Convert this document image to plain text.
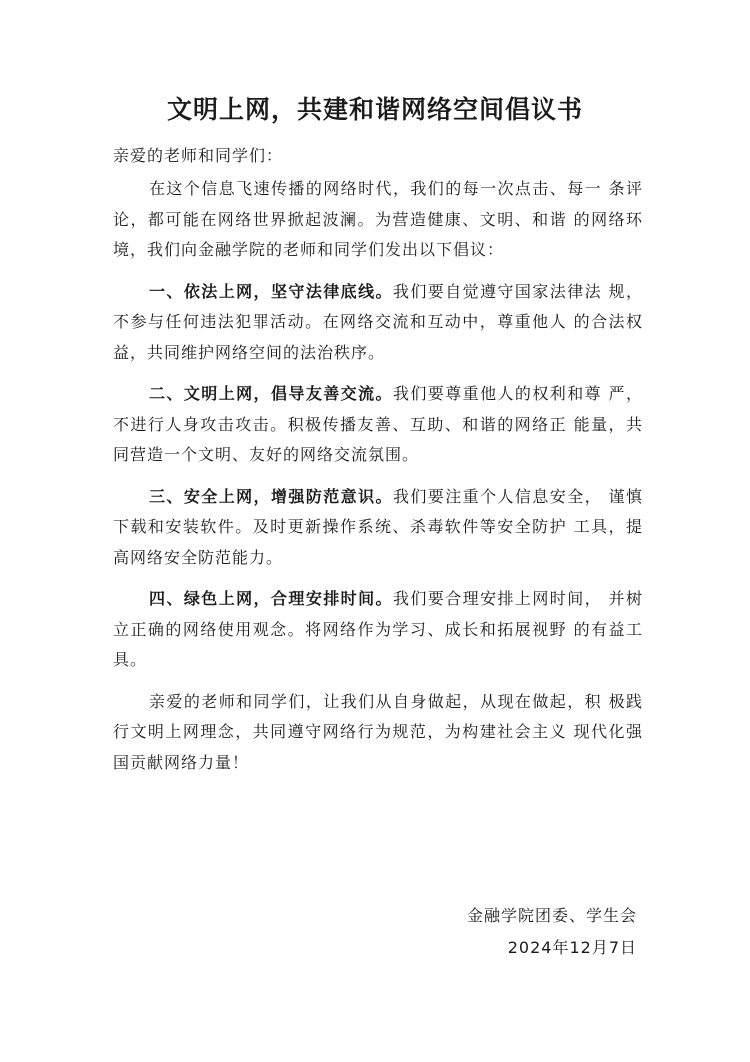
文明上网，共建和谐网络空间倡议书

亲爱的老师和同学们：

在这个信息飞速传播的网络时代，我们的每一次点击、每一 条评论，都可能在网络世界掀起波澜。为营造健康、文明、和谐 的网络环境，我们向金融学院的老师和同学们发出以下倡议：

一、依法上网，坚守法律底线。我们要自觉遵守国家法律法 规，不参与任何违法犯罪活动。在网络交流和互动中，尊重他人 的合法权益，共同维护网络空间的法治秩序。

二、文明上网，倡导友善交流。我们要尊重他人的权利和尊 严，不进行人身攻击攻击。积极传播友善、互助、和谐的网络正 能量，共同营造一个文明、友好的网络交流氛围。

三、安全上网，增强防范意识。我们要注重个人信息安全， 谨慎下载和安装软件。及时更新操作系统、杀毒软件等安全防护 工具，提高网络安全防范能力。

四、绿色上网，合理安排时间。我们要合理安排上网时间， 并树立正确的网络使用观念。将网络作为学习、成长和拓展视野 的有益工具。

亲爱的老师和同学们，让我们从自身做起，从现在做起，积 极践行文明上网理念，共同遵守网络行为规范，为构建社会主义 现代化强国贡献网络力量！

金融学院团委、学生会
2024年12月7日
